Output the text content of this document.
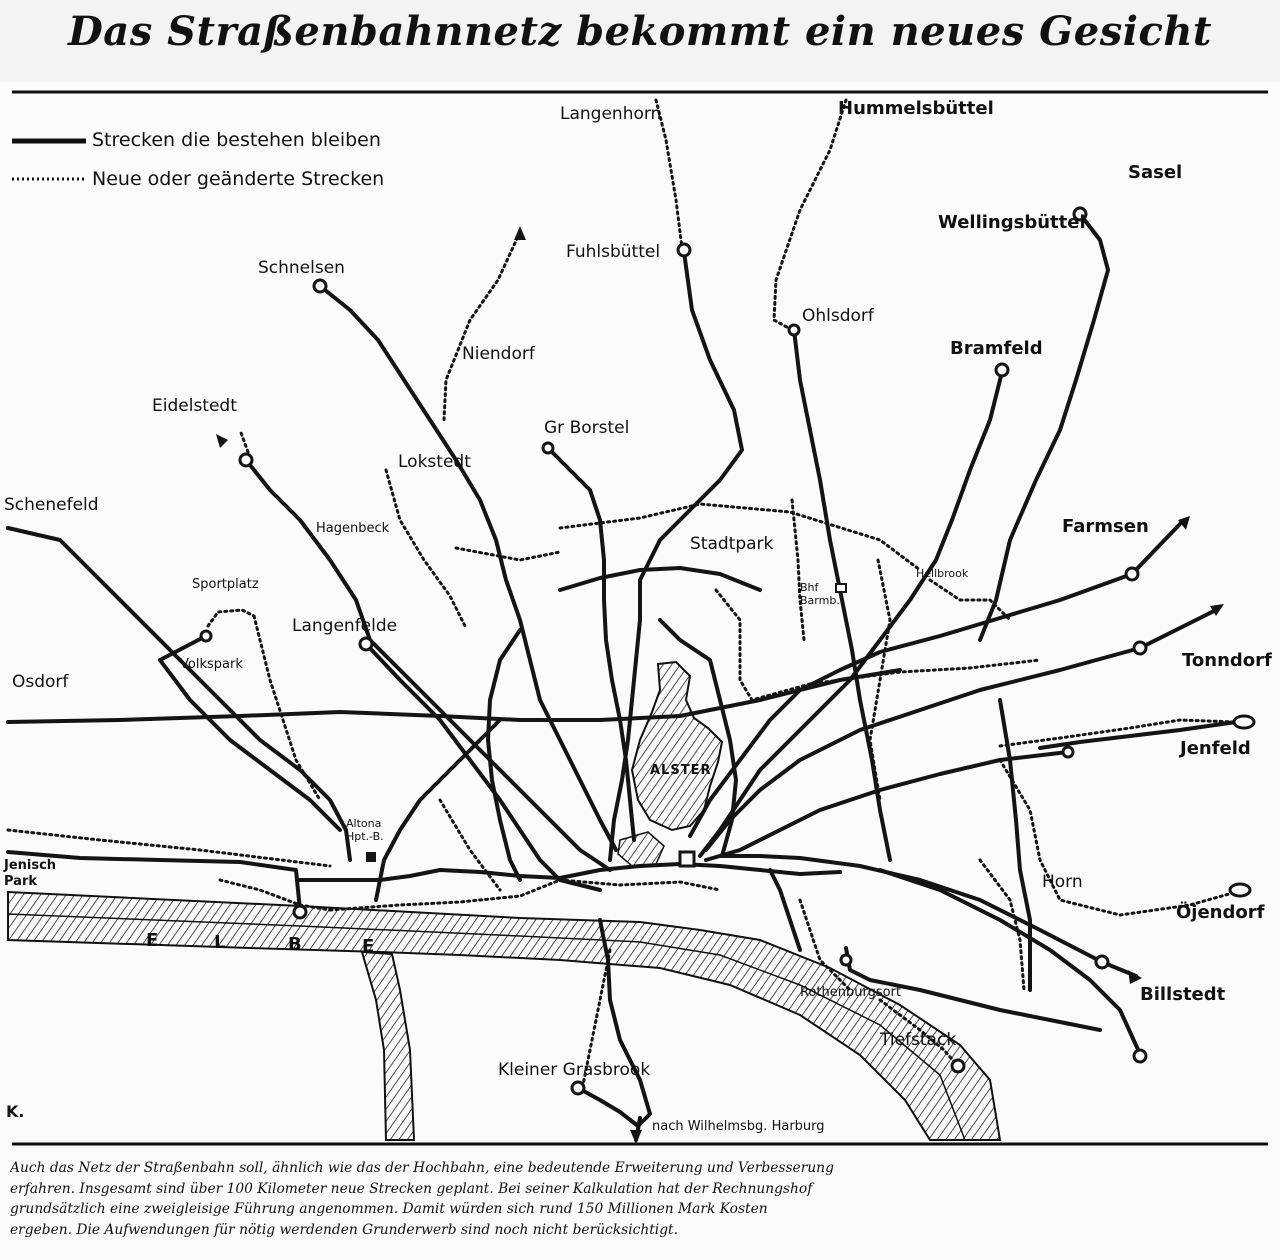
Das Straßenbahnnetz bekommt ein neues Gesicht
Strecken die bestehen bleiben
Neue oder geänderte Strecken
Langenhorn	Hummelsbüttel
Sasel
Wellingsbüttel
Fuhlsbüttel
Schnelsen
Ohlsdorf
Bramfeld
Niendorf
Eidelstedt
Gr Borstel
Lokstedt
Schenefeld
Hagenbeck
Stadtpark
Farmsen
Sportplatz	Bhf Barmb.
Hellbrook
Langenfelde
Tonndorf
Osdorf
Volkspark
Jenfeld
ALSTER
Altona Hpt.-B.
Jenisch Park	Horn
Öjendorf
E	L	B	E
Rothenburgsort	Billstedt
Tiefstack
Kleiner Grasbrook
nach Wilhelmsbg. Harburg
K.
Auch das Netz der Straßenbahn soll, ähnlich wie das der Hochbahn, eine bedeutende Erweiterung und Verbesserung
erfahren. Insgesamt sind über 100 Kilometer neue Strecken geplant. Bei seiner Kalkulation hat der Rechnungshof
grundsätzlich eine zweigleisige Führung angenommen. Damit würden sich rund 150 Millionen Mark Kosten
ergeben. Die Aufwendungen für nötig werdenden Grunderwerb sind noch nicht berücksichtigt.
